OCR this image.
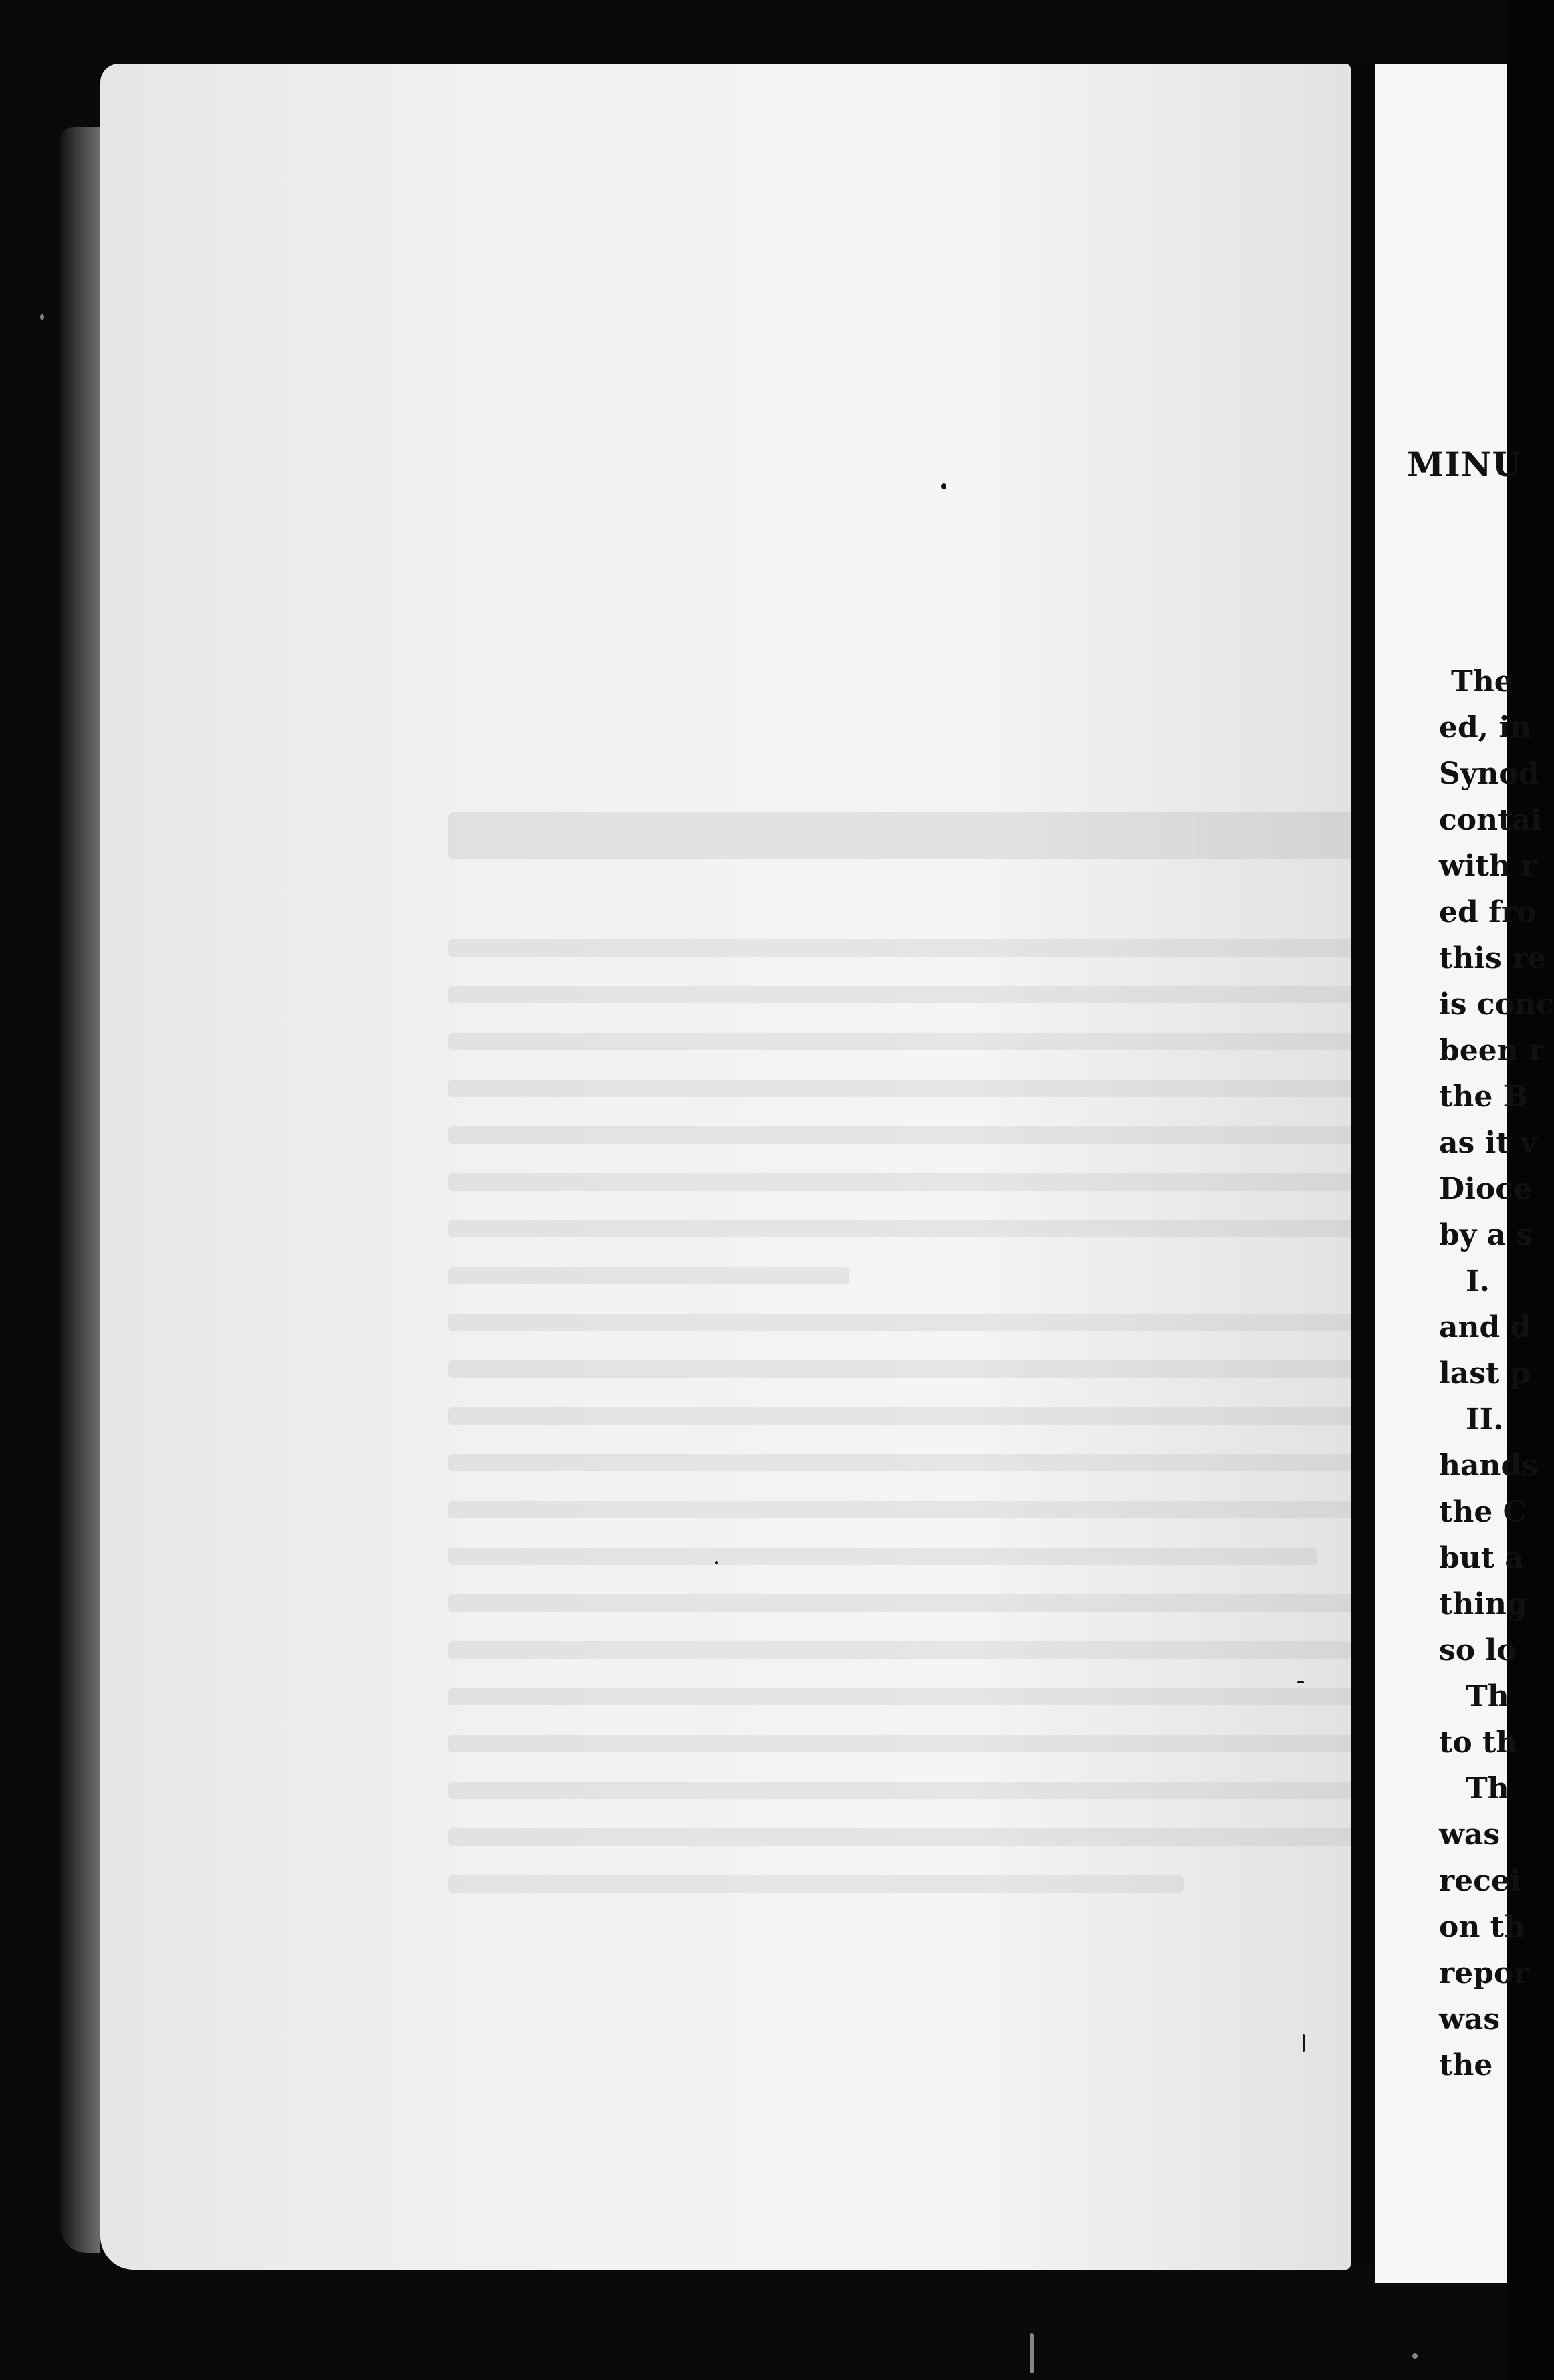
MINU
The
ed, in
Synod
contai
with r
ed fro
this re
is conc
been r
the B
as it v
Dioce
by a s
I.
and d
last p
II.
hands
the C
but a
thing
so lo
Th
to th
Th
was
recei
on th
repor
was
the
